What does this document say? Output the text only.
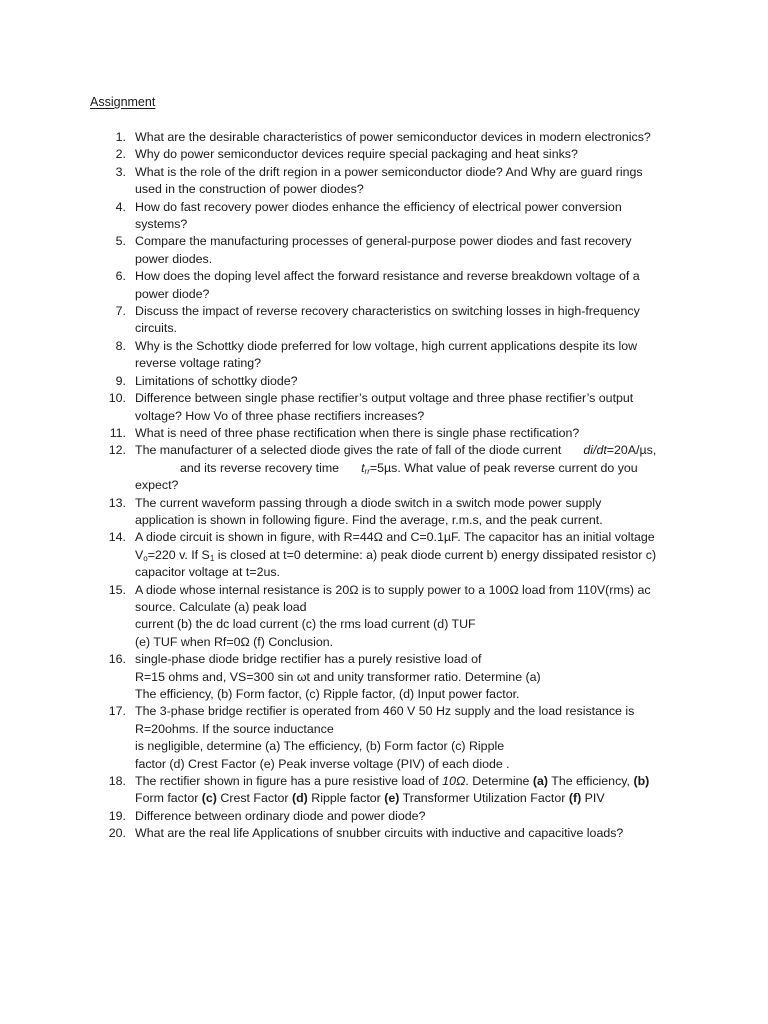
Assignment
1. What are the desirable characteristics of power semiconductor devices in modern electronics?
2. Why do power semiconductor devices require special packaging and heat sinks?
3. What is the role of the drift region in a power semiconductor diode? And Why are guard rings
used in the construction of power diodes?
4. How do fast recovery power diodes enhance the efficiency of electrical power conversion
systems?
5. Compare the manufacturing processes of general-purpose power diodes and fast recovery
power diodes.
6. How does the doping level affect the forward resistance and reverse breakdown voltage of a
power diode?
7. Discuss the impact of reverse recovery characteristics on switching losses in high-frequency
circuits.
8. Why is the Schottky diode preferred for low voltage, high current applications despite its low
reverse voltage rating?
9. Limitations of schottky diode?
10. Difference between single phase rectifier’s output voltage and three phase rectifier’s output
voltage? How Vo of three phase rectifiers increases?
11. What is need of three phase rectification when there is single phase rectification?
12. The manufacturer of a selected diode gives the rate of fall of the diode current di/dt=20A/µs,
and its reverse recovery time $t_{rr}=5\mu s$. What value of peak reverse current do you
expect?
13. The current waveform passing through a diode switch in a switch mode power supply
application is shown in following figure. Find the average, r.m.s, and the peak current.
14. A diode circuit is shown in figure, with R=44Ω and C=0.1µF. The capacitor has an initial voltage
$V_o=220$ v. If $S_1$ is closed at t=0 determine: a) peak diode current b) energy dissipated resistor c)
capacitor voltage at t=2us.
15. A diode whose internal resistance is 20Ω is to supply power to a 100Ω load from 110V(rms) ac
source. Calculate (a) peak load
current (b) the dc load current (c) the rms load current (d) TUF
(e) TUF when Rf=0Ω (f) Conclusion.
16. single-phase diode bridge rectifier has a purely resistive load of
R=15 ohms and, VS=300 sin ωt and unity transformer ratio. Determine (a)
The efficiency, (b) Form factor, (c) Ripple factor, (d) Input power factor.
17. The 3-phase bridge rectifier is operated from 460 V 50 Hz supply and the load resistance is
R=20ohms. If the source inductance
is negligible, determine (a) The efficiency, (b) Form factor (c) Ripple
factor (d) Crest Factor (e) Peak inverse voltage (PIV) of each diode .
18. The rectifier shown in figure has a pure resistive load of 10Ω. Determine (a) The efficiency, (b)
Form factor (c) Crest Factor (d) Ripple factor (e) Transformer Utilization Factor (f) PIV
19. Difference between ordinary diode and power diode?
20. What are the real life Applications of snubber circuits with inductive and capacitive loads?
